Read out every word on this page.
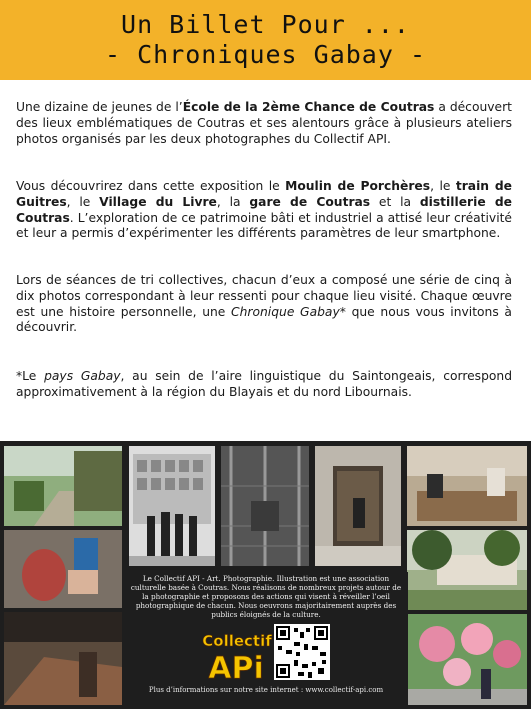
Un Billet Pour ...
- Chroniques Gabay -
Une dizaine de jeunes de l’École de la 2ème Chance de Coutras a découvert des lieux emblématiques de Coutras et ses alentours grâce à plusieurs ateliers photos organisés par les deux photographes du Collectif API.
Vous découvrirez dans cette exposition le Moulin de Porchères, le train de Guitres, le Village du Livre, la gare de Coutras et la distillerie de Coutras. L’exploration de ce patrimoine bâti et industriel a attisé leur créativité et leur a permis d’expérimenter les différents paramètres de leur smartphone.
Lors de séances de tri collectives, chacun d’eux a composé une série de cinq à dix photos correspondant à leur ressenti pour chaque lieu visité. Chaque œuvre est une histoire personnelle, une Chronique Gabay* que nous vous invitons à découvrir.
*Le pays Gabay, au sein de l’aire linguistique du Saintongeais, correspond approximativement à la région du Blayais et du nord Libournais.
Le Collectif API - Art. Photographie. Illustration est une association culturelle basée à Coutras. Nous réalisons de nombreux projets autour de la photographie et proposons des actions qui visent à réveiller l’oeil photographique de chacun. Nous oeuvrons majoritairement auprès des publics éloignés de la culture.
Collectif
APi
Plus d’informations sur notre site internet : www.collectif-api.com
